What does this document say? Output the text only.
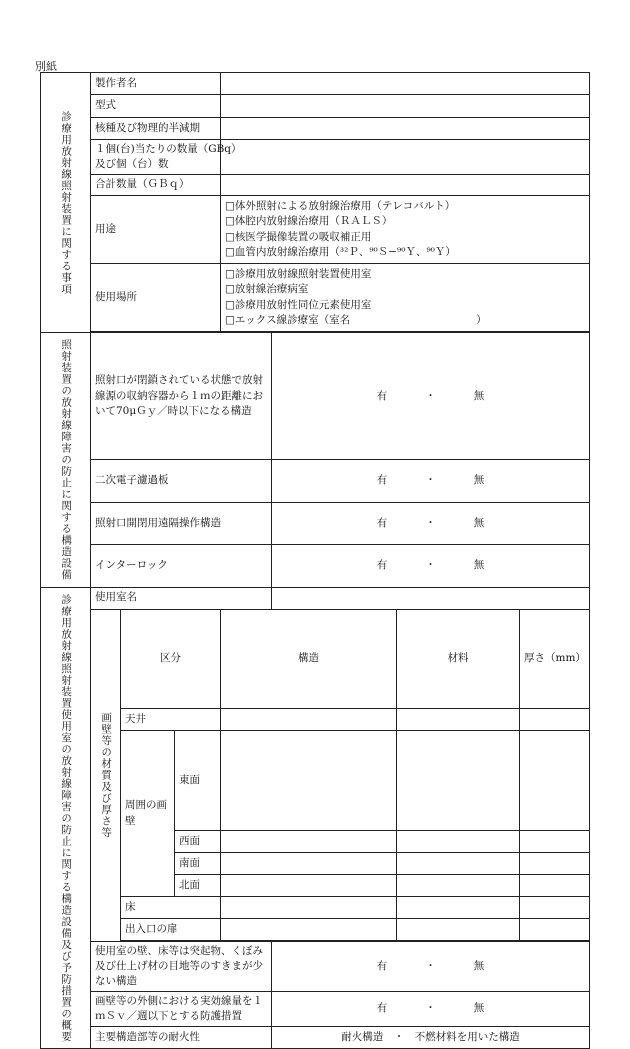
別紙
診療用放射線照射装置に関する事項	製作者名						
	型式						
	核種及び物理的半減期						

	１個(台)当たりの数量（GBq）
及び個（台）数						

	合計数量（ＧＢｑ）						
	用途			□体外照射による放射線治療用（テレコバルト）
□体腔内放射線治療用（ＲＡＬＳ）
□核医学撮像装置の吸収補正用
□血管内放射線治療用（³²Ｐ、⁹⁰Ｓ−⁹⁰Ｙ、⁹⁰Ｙ）			

	使用場所			□診療用放射線照射装置使用室
□放射線治療病室
□診療用放射性同位元素使用室
□エックス線診療室（室名　　　　　　　　　　　　）			

照射装置の放射線障害の防止に関する構造設備	照射口が閉鎖されている状態で放射線源の収納容器から１ｍの距離において70μＧｙ／時以下になる構造				有 ・ 無		

	二次電子濾過板				有 ・ 無		

	照射口開閉用遠隔操作構造				有 ・ 無		

	インターロック				有 ・ 無		

診療用放射線照射装置使用室の放射線障害の防止に関する構造設備及び予防措置の概要	使用室名						

	画壁等の材質及び厚さ等	区分		構造		材料	厚さ（mm）
		天井					
		周囲の画壁	東面				
			西面				
			南面				
			北面				
		床					
		出入口の扉					

	使用室の壁、床等は突起物、くぼみ及び仕上げ材の目地等のすきまが少ない構造				有 ・ 無		

	画壁等の外側における実効線量を１ｍＳｖ／週以下とする防護措置				有 ・ 無		

	主要構造部等の耐火性				耐火構造　・　不燃材料を用いた構造		
